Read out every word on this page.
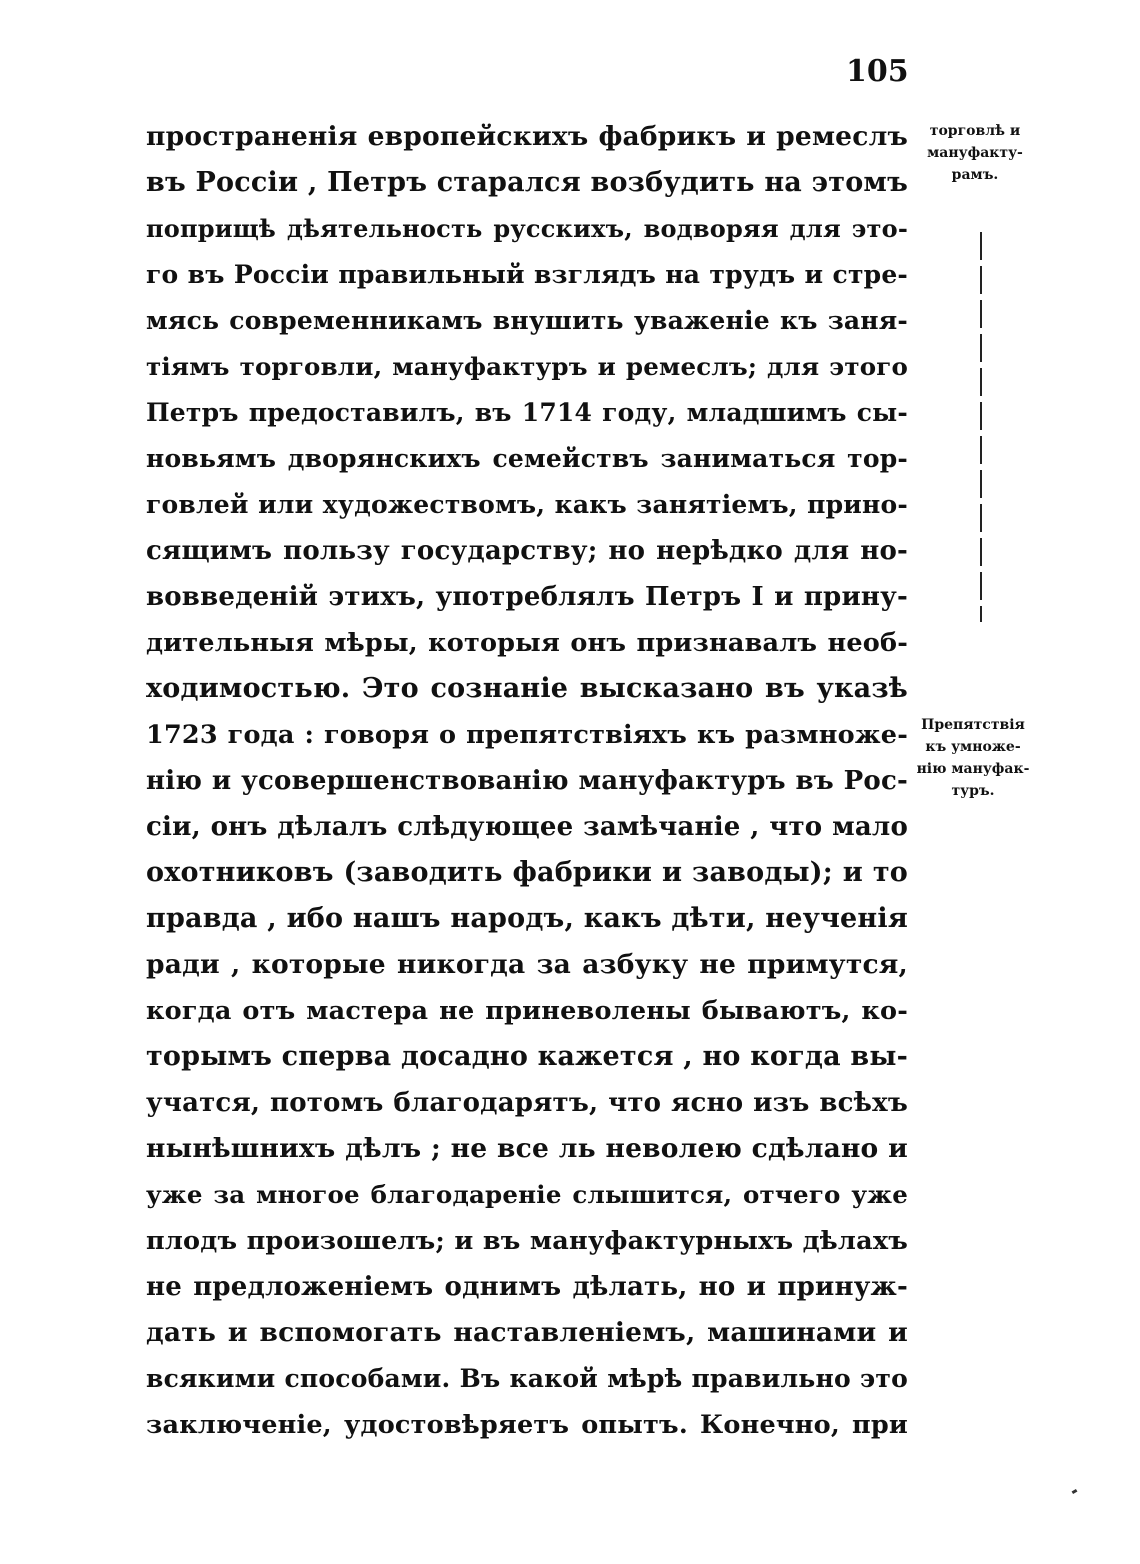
105
торговлѣ и
мануфакту-
рамъ.
Препятствія
къ умноже-
нію мануфак-
туръ.
пространенія европейскихъ фабрикъ и ремеслъ
въ Россіи , Петръ старался возбудить на этомъ
поприщѣ дѣятельность русскихъ, водворяя для это-
го въ Россіи правильный взглядъ на трудъ и стре-
мясь современникамъ внушить уваженіе къ заня-
тіямъ торговли, мануфактуръ и ремеслъ; для этого
Петръ предоставилъ, въ 1714 году, младшимъ сы-
новьямъ дворянскихъ семействъ заниматься тор-
говлей или художествомъ, какъ занятіемъ, прино-
сящимъ пользу государству; но нерѣдко для но-
вовведеній этихъ, употреблялъ Петръ I и прину-
дительныя мѣры, которыя онъ признавалъ необ-
ходимостью. Это сознаніе высказано въ указѣ
1723 года : говоря о препятствіяхъ къ размноже-
нію и усовершенствованію мануфактуръ въ Рос-
сіи, онъ дѣлалъ слѣдующее замѣчаніе , что мало
охотниковъ (заводить фабрики и заводы); и то
правда , ибо нашъ народъ, какъ дѣти, неученія
ради , которые никогда за азбуку не примутся,
когда отъ мастера не приневолены бываютъ, ко-
торымъ сперва досадно кажется , но когда вы-
учатся, потомъ благодарятъ, что ясно изъ всѣхъ
нынѣшнихъ дѣлъ ; не все ль неволею сдѣлано и
уже за многое благодареніе слышится, отчего уже
плодъ произошелъ; и въ мануфактурныхъ дѣлахъ
не предложеніемъ однимъ дѣлать, но и принуж-
дать и вспомогать наставленіемъ, машинами и
всякими способами. Въ какой мѣрѣ правильно это
заключеніе, удостовѣряетъ опытъ. Конечно, при
